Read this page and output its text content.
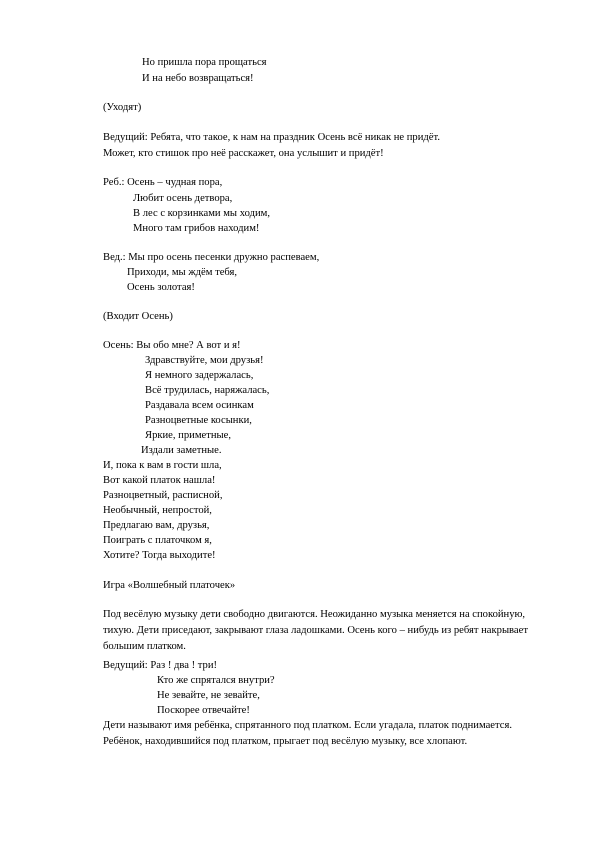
Но пришла пора прощаться
И на небо возвращаться!
(Уходят)
Ведущий: Ребята, что такое, к нам на праздник Осень всё никак не придёт.
Может, кто стишок про неё расскажет, она услышит и придёт!
Реб.: Осень – чудная пора,
Любит осень детвора,
В лес с корзинками мы ходим,
Много там грибов находим!
Вед.: Мы про осень песенки дружно распеваем,
Приходи, мы ждём тебя,
Осень золотая!
(Входит Осень)
Осень: Вы обо мне? А вот и я!
Здравствуйте, мои друзья!
Я немного задержалась,
Всё трудилась, наряжалась,
Раздавала всем осинкам
Разноцветные косынки,
Яркие, приметные,
Издали заметные.
И, пока к вам в гости шла,
Вот какой платок нашла!
Разноцветный, расписной,
Необычный, непростой,
Предлагаю вам, друзья,
Поиграть с платочком я,
Хотите? Тогда выходите!
Игра «Волшебный платочек»
Под весёлую музыку дети свободно двигаются. Неожиданно музыка меняется на спокойную, тихую. Дети приседают, закрывают глаза ладошками. Осень кого – нибудь из ребят накрывает большим платком.
Ведущий: Раз ! два ! три!
Кто же спрятался внутри?
Не зевайте, не зевайте,
Поскорее отвечайте!
Дети называют имя ребёнка, спрятанного под платком. Если угадала, платок поднимается. Ребёнок, находившийся под платком, прыгает под весёлую музыку, все хлопают.
